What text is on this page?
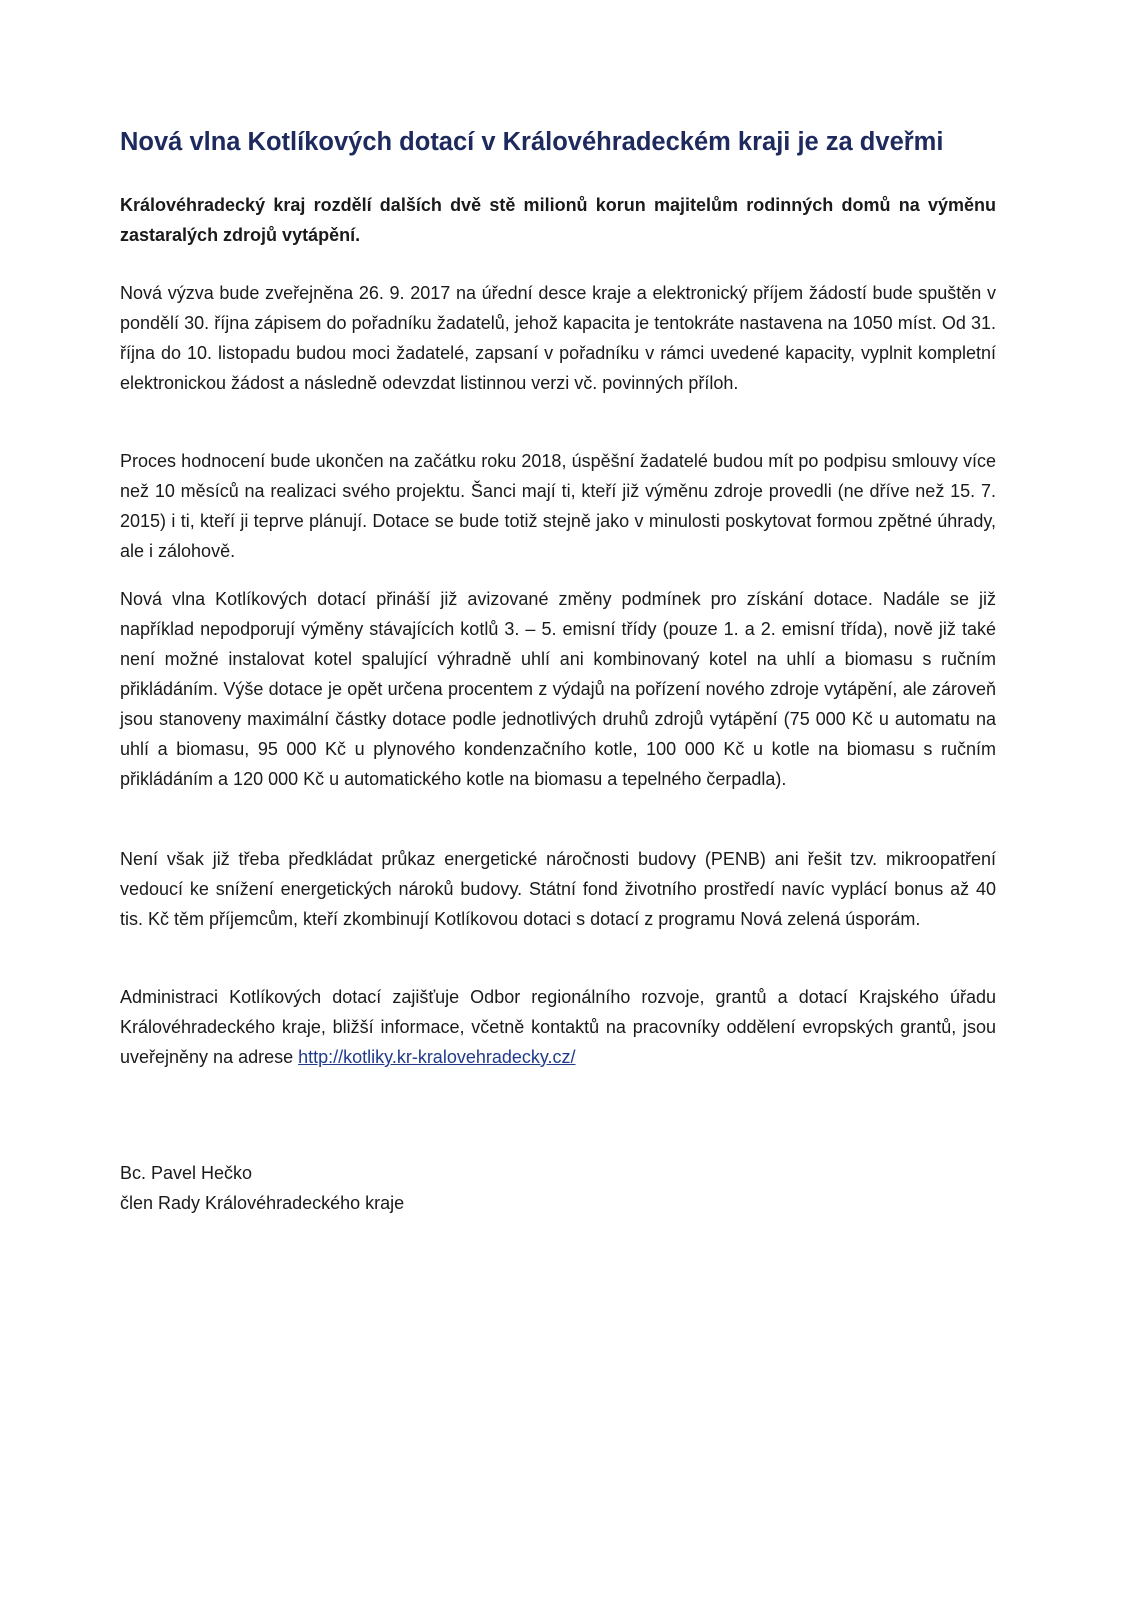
Nová vlna Kotlíkových dotací v Královéhradeckém kraji je za dveřmi

Královéhradecký kraj rozdělí dalších dvě stě milionů korun majitelům rodinných domů na výměnu zastaralých zdrojů vytápění.

Nová výzva bude zveřejněna 26. 9. 2017 na úřední desce kraje a elektronický příjem žádostí bude spuštěn v pondělí 30. října zápisem do pořadníku žadatelů, jehož kapacita je tentokráte nastavena na 1050 míst. Od 31. října do 10. listopadu budou moci žadatelé, zapsaní v pořadníku v rámci uvedené kapacity, vyplnit kompletní elektronickou žádost a následně odevzdat listinnou verzi vč. povinných příloh.

Proces hodnocení bude ukončen na začátku roku 2018, úspěšní žadatelé budou mít po podpisu smlouvy více než 10 měsíců na realizaci svého projektu. Šanci mají ti, kteří již výměnu zdroje provedli (ne dříve než 15. 7. 2015) i ti, kteří ji teprve plánují. Dotace se bude totiž stejně jako v minulosti poskytovat formou zpětné úhrady, ale i zálohově.

Nová vlna Kotlíkových dotací přináší již avizované změny podmínek pro získání dotace. Nadále se již například nepodporují výměny stávajících kotlů 3. – 5. emisní třídy (pouze 1. a 2. emisní třída), nově již také není možné instalovat kotel spalující výhradně uhlí ani kombinovaný kotel na uhlí a biomasu s ručním přikládáním. Výše dotace je opět určena procentem z výdajů na pořízení nového zdroje vytápění, ale zároveň jsou stanoveny maximální částky dotace podle jednotlivých druhů zdrojů vytápění (75 000 Kč u automatu na uhlí a biomasu, 95 000 Kč u plynového kondenzačního kotle, 100 000 Kč u kotle na biomasu s ručním přikládáním a 120 000 Kč u automatického kotle na biomasu a tepelného čerpadla).

Není však již třeba předkládat průkaz energetické náročnosti budovy (PENB) ani řešit tzv. mikroopatření vedoucí ke snížení energetických nároků budovy. Státní fond životního prostředí navíc vyplácí bonus až 40 tis. Kč těm příjemcům, kteří zkombinují Kotlíkovou dotaci s dotací z programu Nová zelená úsporám.

Administraci Kotlíkových dotací zajišťuje Odbor regionálního rozvoje, grantů a dotací Krajského úřadu Královéhradeckého kraje, bližší informace, včetně kontaktů na pracovníky oddělení evropských grantů, jsou uveřejněny na adrese http://kotliky.kr-kralovehradecky.cz/

Bc. Pavel Hečko
člen Rady Královéhradeckého kraje
